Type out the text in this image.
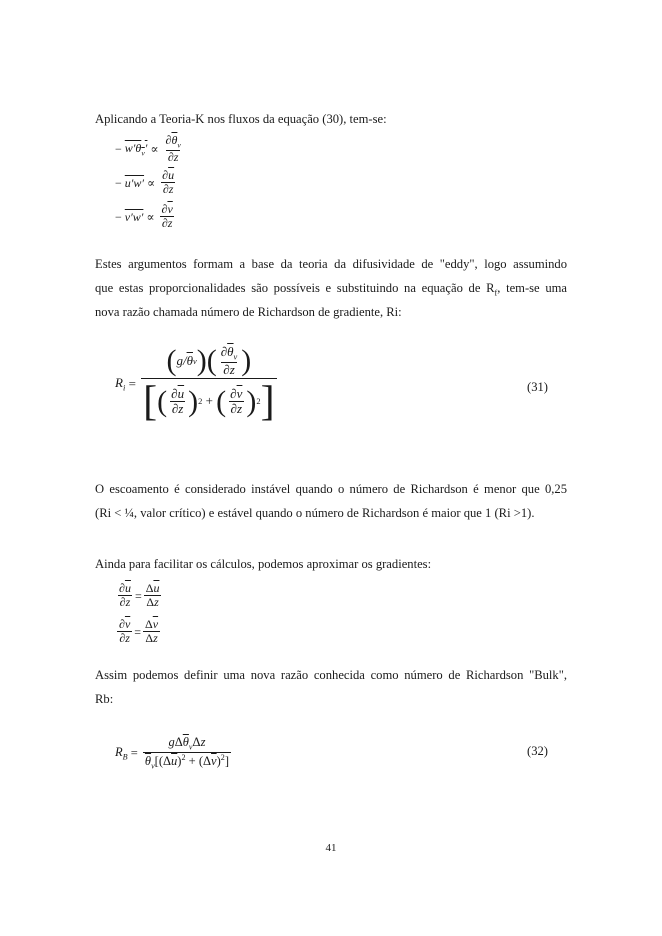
Aplicando a Teoria-K nos fluxos da equação (30), tem-se:

− $w'\theta_v' \propto \frac{\partial\overline{\theta}_v}{\partial z}$
− $u'w' \propto \frac{\partial\overline{u}}{\partial z}$
− $v'w' \propto \frac{\partial\overline{v}}{\partial z}$

Estes argumentos formam a base da teoria da difusividade de "eddy", logo assumindo

que estas proporcionalidades são possíveis e substituindo na equação de $R_f$, tem-se uma

nova razão chamada número de Richardson de gradiente, Ri:

$R_i$ =
( g/ $\overline{\theta}$ v ) ( $\frac{\partial\overline{\theta}_v}{\partial z}$ )
[ ( $\frac{\partial\overline{u}}{\partial z}$ ) 2 + ( $\frac{\partial\overline{v}}{\partial z}$ ) 2 ]	(31)

O escoamento é considerado instável quando o número de Richardson é menor que 0,25

(Ri < ¼, valor crítico) e estável quando o número de Richardson é maior que 1 (Ri >1).

Ainda para facilitar os cálculos, podemos aproximar os gradientes:

$\frac{\partial\overline{u}}{\partial z} = \frac{\Delta\overline{u}}{\Delta z}$
$\frac{\partial\overline{v}}{\partial z} = \frac{\Delta\overline{v}}{\Delta z}$

Assim podemos definir uma nova razão conhecida como número de Richardson "Bulk",

Rb:

$R_B = \frac{g\Delta\overline{\theta}_v\Delta z}{\overline{\theta}_v[(\Delta\overline{u})^2 + (\Delta\overline{v})^2]}$	(32)
41
